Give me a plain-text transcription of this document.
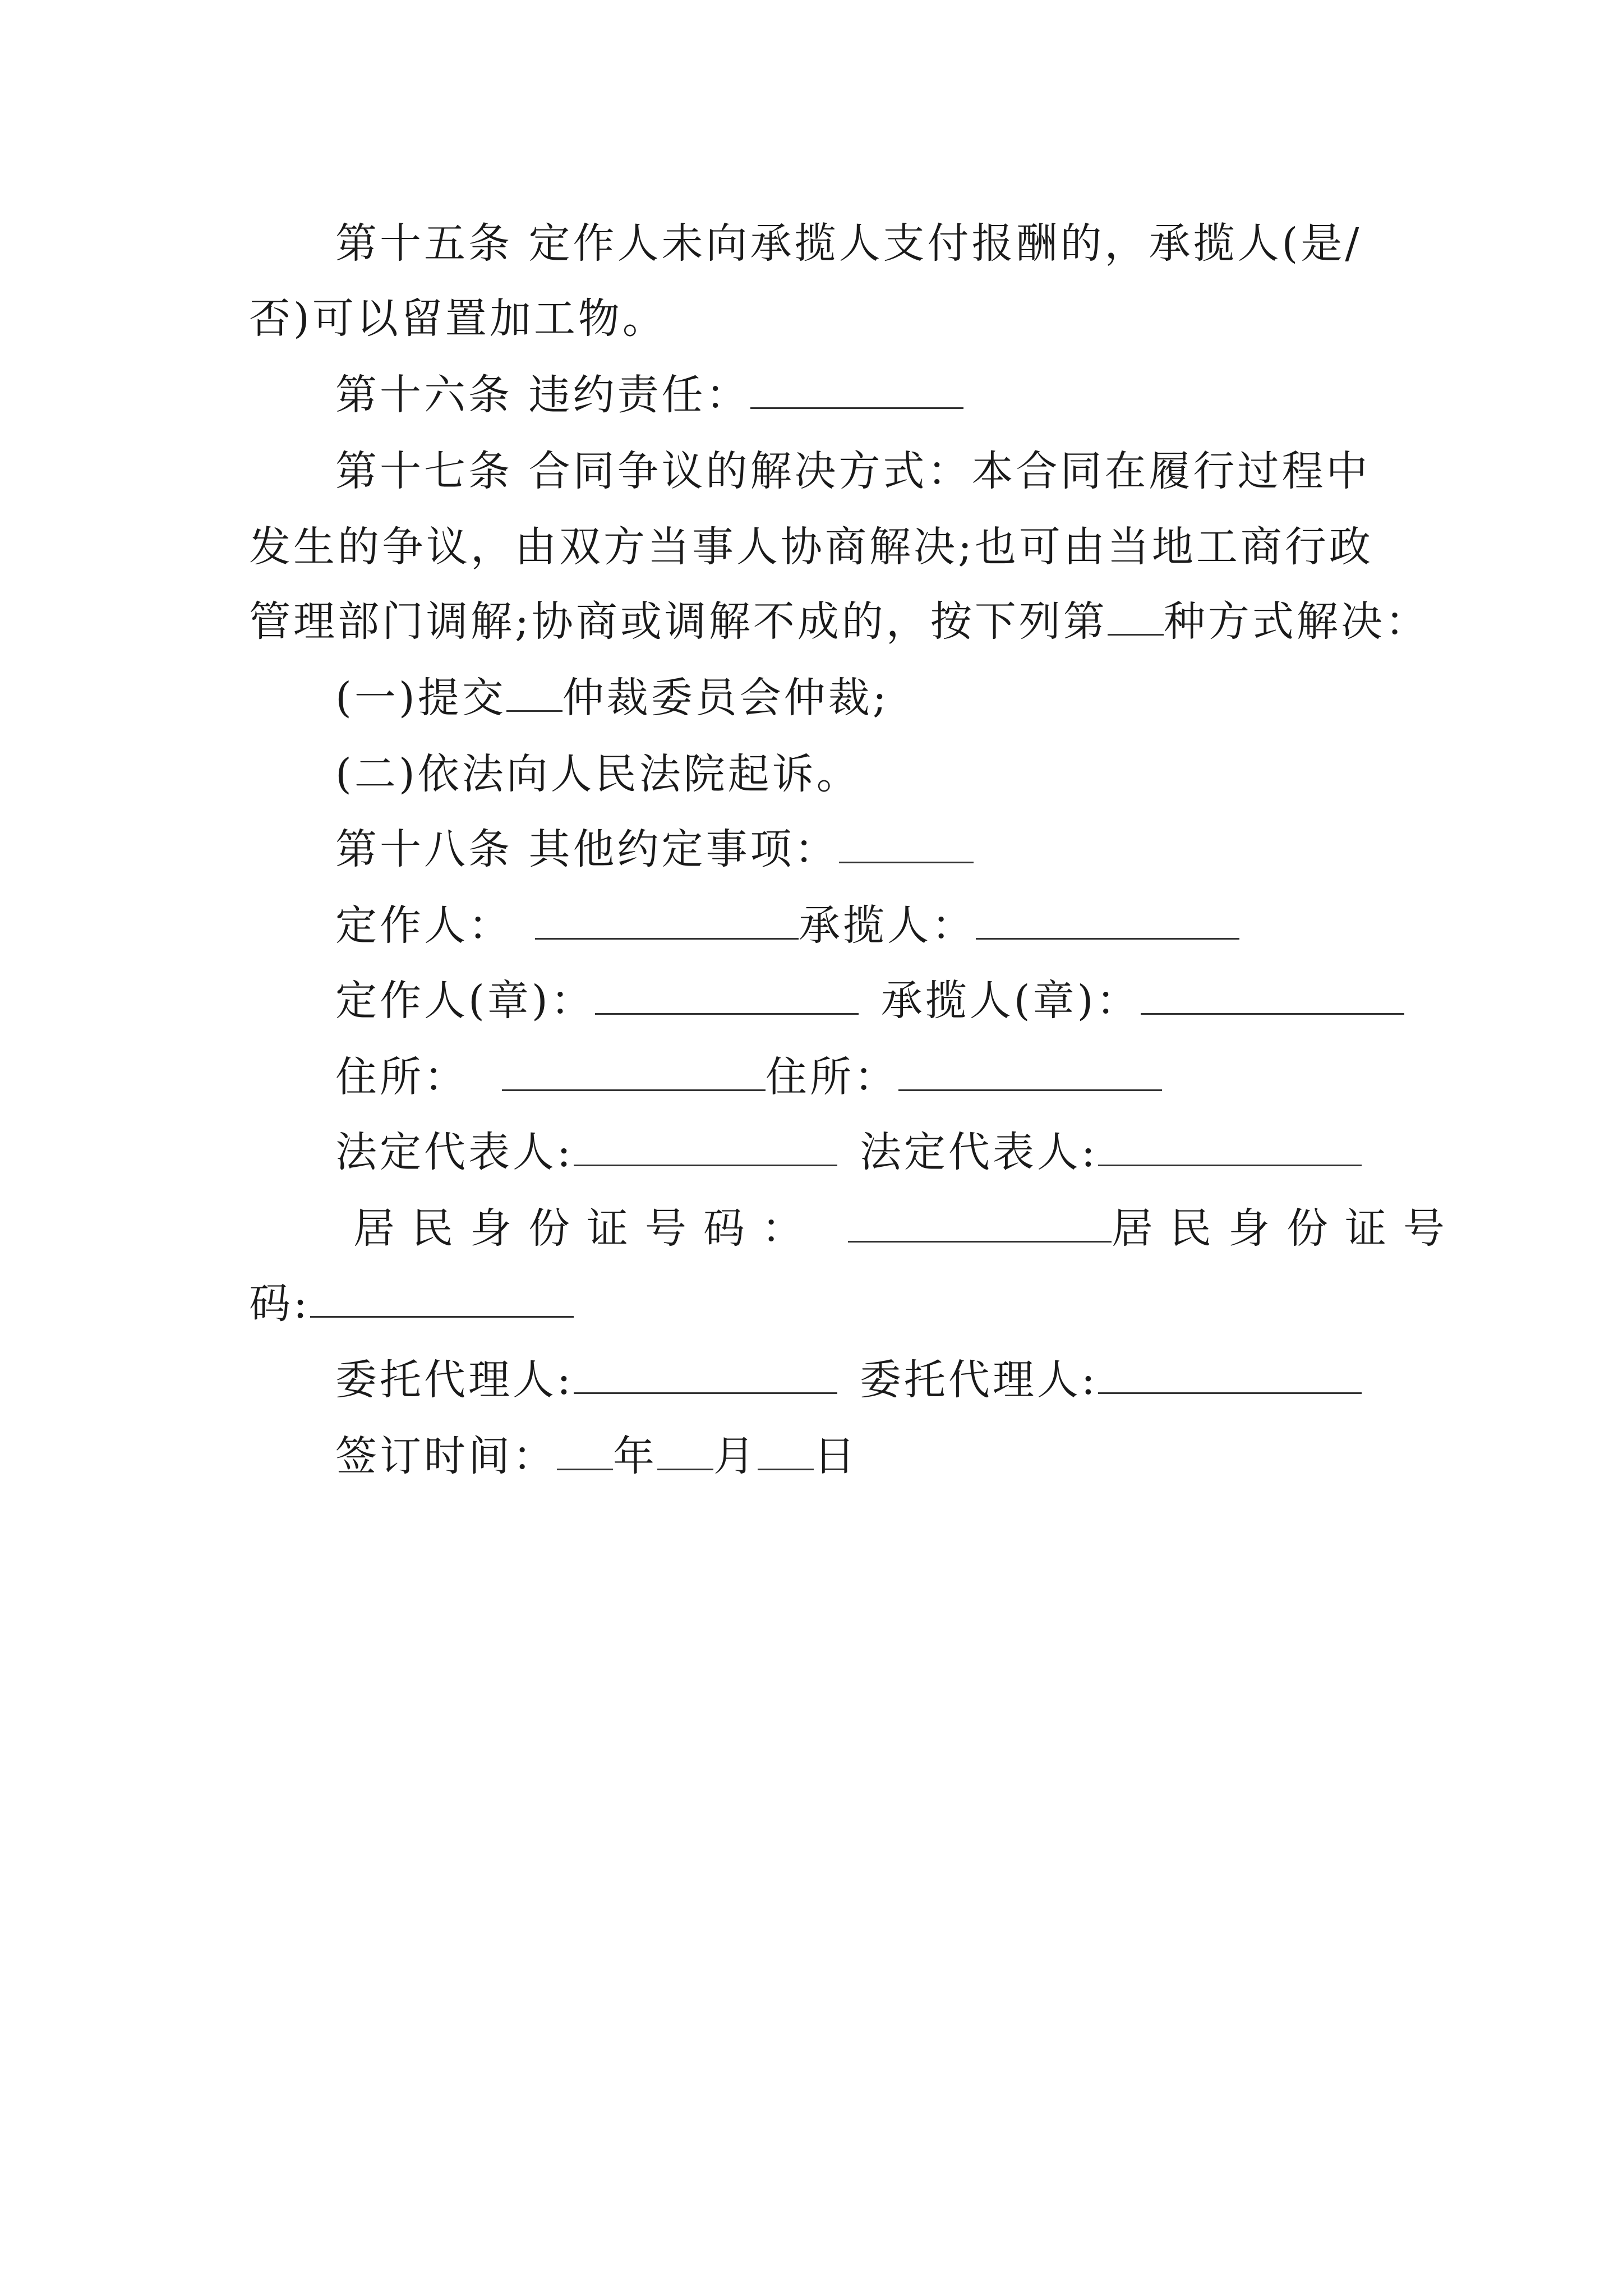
第十五条 定作人未向承揽人支付报酬的，承揽人(是/
否)可以留置加工物。
第十六条 违约责任：
第十七条 合同争议的解决方式：本合同在履行过程中
发生的争议，由双方当事人协商解决;也可由当地工商行政
管理部门调解;协商或调解不成的，按下列第 种方式解决：
(一)提交 仲裁委员会仲裁;
(二)依法向人民法院起诉。
第十八条 其他约定事项：
定作人：	承揽人：
定作人(章)：	承揽人(章)：
住所：	住所：
法定代表人:	法定代表人:
居民身份证号码：	居民身份证号
码:
委托代理人:	委托代理人:
签订时间： 年 月 日
